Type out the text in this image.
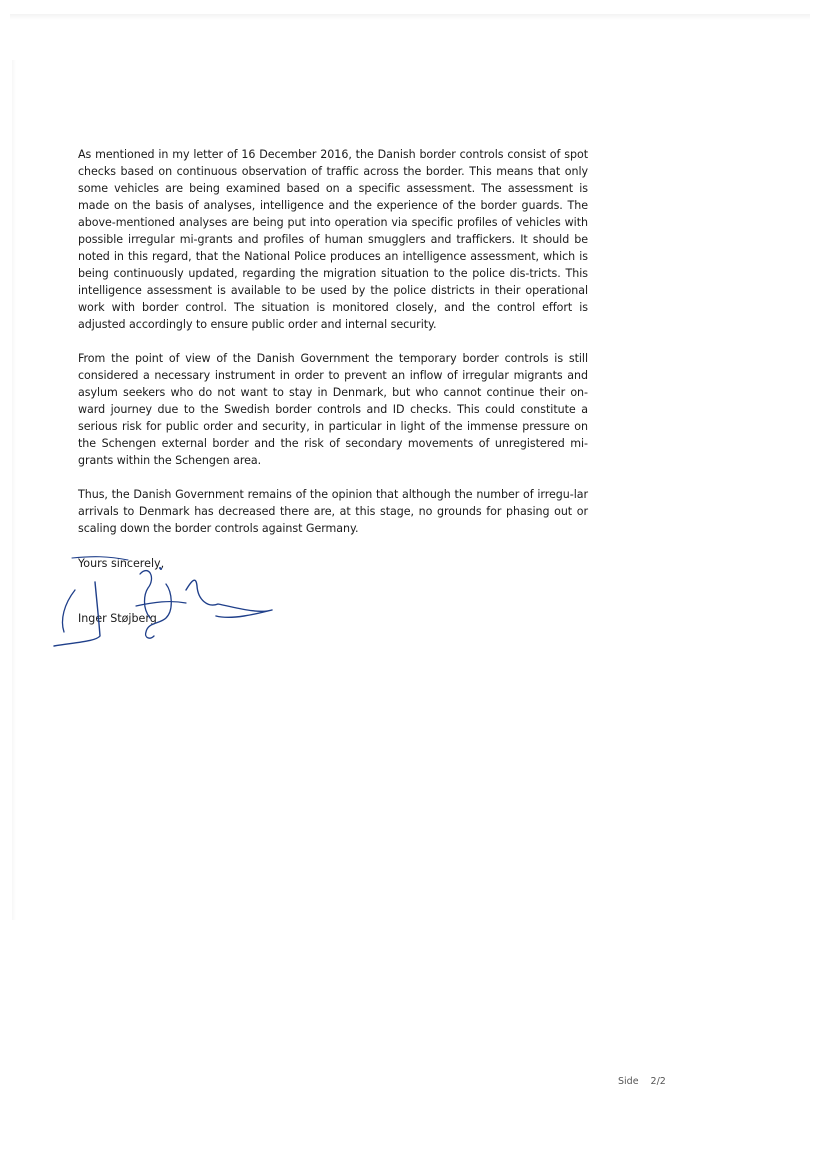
As mentioned in my letter of 16 December 2016, the Danish border controls consist of spot checks based on continuous observation of traffic across the border. This means that only some vehicles are being examined based on a specific assessment. The assessment is made on the basis of analyses, intelligence and the experience of the border guards. The above-mentioned analyses are being put into operation via specific profiles of vehicles with possible irregular mi-grants and profiles of human smugglers and traffickers. It should be noted in this regard, that the National Police produces an intelligence assessment, which is being continuously updated, regarding the migration situation to the police dis-tricts. This intelligence assessment is available to be used by the police districts in their operational work with border control. The situation is monitored closely, and the control effort is adjusted accordingly to ensure public order and internal security.

From the point of view of the Danish Government the temporary border controls is still considered a necessary instrument in order to prevent an inflow of irregular migrants and asylum seekers who do not want to stay in Denmark, but who cannot continue their on-ward journey due to the Swedish border controls and ID checks. This could constitute a serious risk for public order and security, in particular in light of the immense pressure on the Schengen external border and the risk of secondary movements of unregistered mi-grants within the Schengen area.

Thus, the Danish Government remains of the opinion that although the number of irregu-lar arrivals to Denmark has decreased there are, at this stage, no grounds for phasing out or scaling down the border controls against Germany.

Yours sincerely,
Inger Støjberg
Side 2/2
